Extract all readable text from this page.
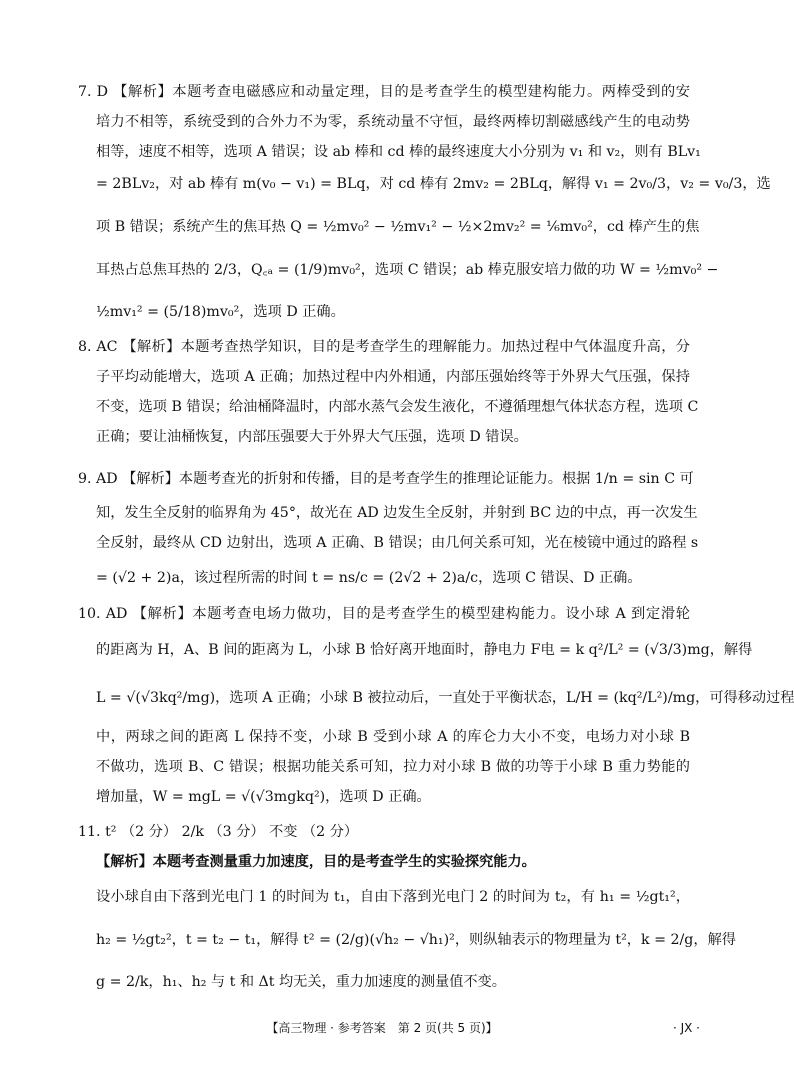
7. D 【解析】本题考查电磁感应和动量定理，目的是考查学生的模型建构能力。两棒受到的安
培力不相等，系统受到的合外力不为零，系统动量不守恒，最终两棒切割磁感线产生的电动势
相等，速度不相等，选项 A 错误；设 ab 棒和 cd 棒的最终速度大小分别为 v₁ 和 v₂，则有 BLv₁
= 2BLv₂，对 ab 棒有 m(v₀ − v₁) = BLq，对 cd 棒有 2mv₂ = 2BLq，解得 v₁ = 2v₀/3，v₂ = v₀/3，选
项 B 错误；系统产生的焦耳热 Q = ½mv₀² − ½mv₁² − ½×2mv₂² = ⅙mv₀²，cd 棒产生的焦
耳热占总焦耳热的 2/3，Q꜀ₐ = (1/9)mv₀²，选项 C 错误；ab 棒克服安培力做的功 W = ½mv₀² −
½mv₁² = (5/18)mv₀²，选项 D 正确。
8. AC 【解析】本题考查热学知识，目的是考查学生的理解能力。加热过程中气体温度升高，分
子平均动能增大，选项 A 正确；加热过程中内外相通，内部压强始终等于外界大气压强，保持
不变，选项 B 错误；给油桶降温时，内部水蒸气会发生液化，不遵循理想气体状态方程，选项 C
正确；要让油桶恢复，内部压强要大于外界大气压强，选项 D 错误。
9. AD 【解析】本题考查光的折射和传播，目的是考查学生的推理论证能力。根据 1/n = sin C 可
知，发生全反射的临界角为 45°，故光在 AD 边发生全反射，并射到 BC 边的中点，再一次发生
全反射，最终从 CD 边射出，选项 A 正确、B 错误；由几何关系可知，光在棱镜中通过的路程 s
= (√2 + 2)a，该过程所需的时间 t = ns/c = (2√2 + 2)a/c，选项 C 错误、D 正确。
10. AD 【解析】本题考查电场力做功，目的是考查学生的模型建构能力。设小球 A 到定滑轮
的距离为 H，A、B 间的距离为 L，小球 B 恰好离开地面时，静电力 F电 = k q²/L² = (√3/3)mg，解得
L = √(√3kq²/mg)，选项 A 正确；小球 B 被拉动后，一直处于平衡状态，L/H = (kq²/L²)/mg，可得移动过程
中，两球之间的距离 L 保持不变，小球 B 受到小球 A 的库仑力大小不变，电场力对小球 B
不做功，选项 B、C 错误；根据功能关系可知，拉力对小球 B 做的功等于小球 B 重力势能的
增加量，W = mgL = √(√3mgkq²)，选项 D 正确。
11. t² （2 分） 2/k （3 分） 不变 （2 分）
【解析】本题考查测量重力加速度，目的是考查学生的实验探究能力。
设小球自由下落到光电门 1 的时间为 t₁，自由下落到光电门 2 的时间为 t₂，有 h₁ = ½gt₁²，
h₂ = ½gt₂²，t = t₂ − t₁，解得 t² = (2/g)(√h₂ − √h₁)²，则纵轴表示的物理量为 t²，k = 2/g，解得
g = 2/k，h₁、h₂ 与 t 和 Δt 均无关，重力加速度的测量值不变。
【高三物理 · 参考答案　第 2 页(共 5 页)】	· JX ·
